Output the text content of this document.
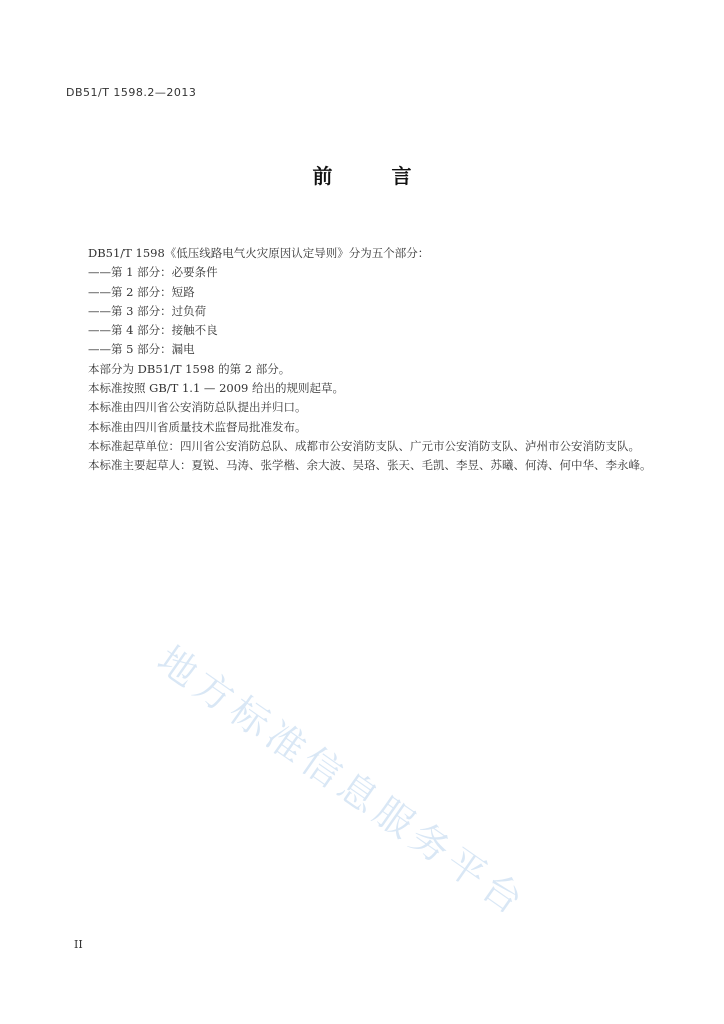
DB51/T 1598.2—2013
前 言

DB51/T 1598《低压线路电气火灾原因认定导则》分为五个部分：

——第 1 部分：必要条件

——第 2 部分：短路

——第 3 部分：过负荷

——第 4 部分：接触不良

——第 5 部分：漏电

本部分为 DB51/T 1598 的第 2 部分。

本标准按照 GB/T 1.1 — 2009 给出的规则起草。

本标准由四川省公安消防总队提出并归口。

本标准由四川省质量技术监督局批准发布。

本标准起草单位：四川省公安消防总队、成都市公安消防支队、广元市公安消防支队、泸州市公安消防支队。

本标准主要起草人：夏锐、马涛、张学楷、余大波、吴珞、张天、毛凯、李昱、苏曦、何涛、何中华、李永峰。

地方标准信息服务平台
II
